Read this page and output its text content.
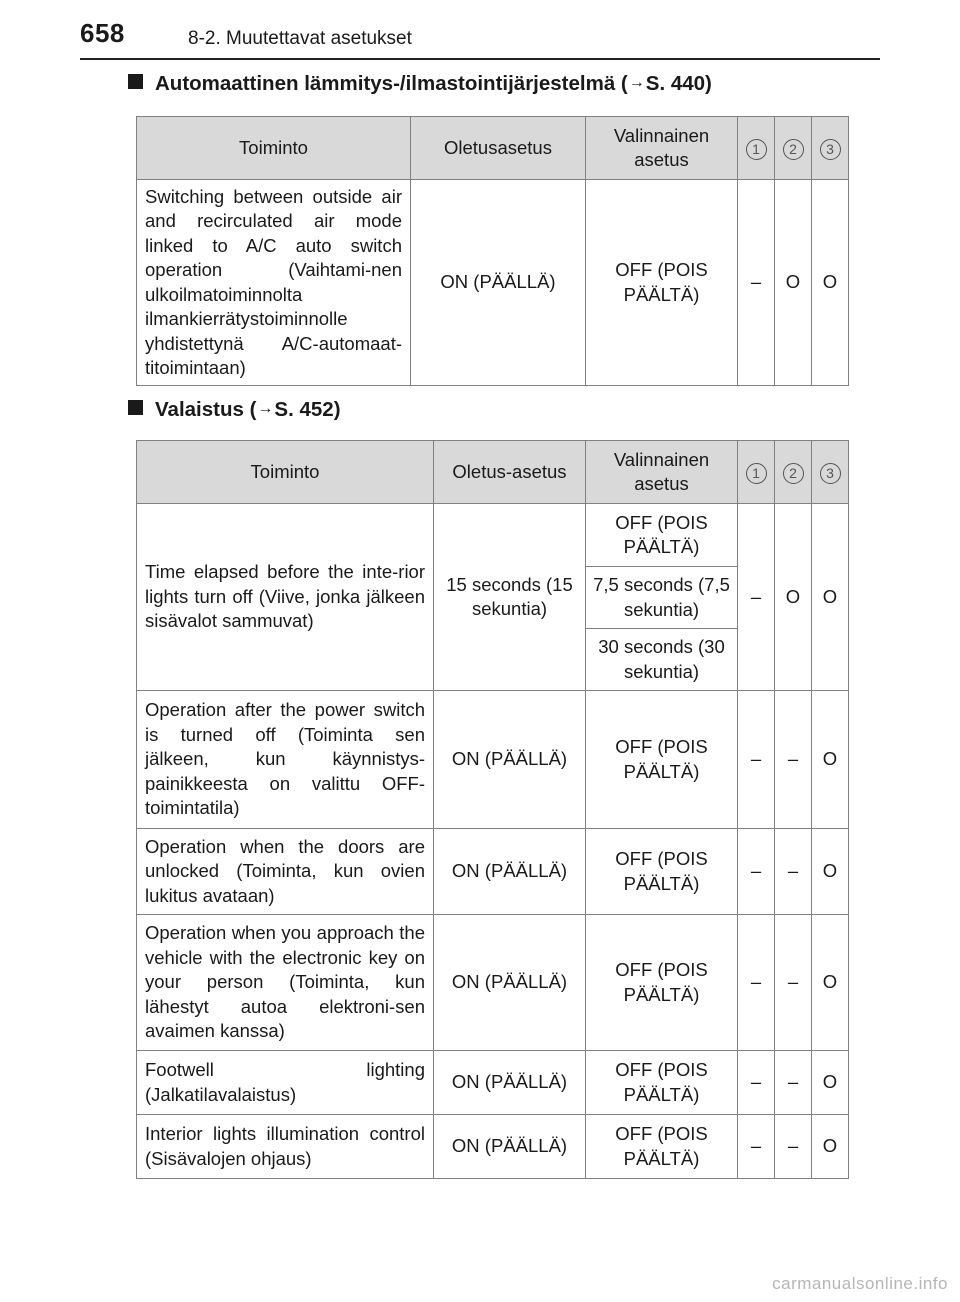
658	8-2. Muutettavat asetukset
Automaattinen lämmitys-/ilmastointijärjestelmä (→S. 440)
Toiminto	Oletusasetus	Valinnainen asetus	1	2	3
Switching between outside air and recirculated air mode linked to A/C auto switch operation (Vaihtami-nen ulkoilmatoiminnolta ilmankierrätystoiminnolle yhdistettynä A/C-automaat-titoimintaan)	ON (PÄÄLLÄ)	OFF (POIS PÄÄLTÄ)	–	O	O
Valaistus (→S. 452)
Toiminto	Oletus-asetus	Valinnainen asetus	1	2	3
Time elapsed before the inte-rior lights turn off (Viive, jonka jälkeen sisävalot sammuvat)	15 seconds (15 sekuntia)	OFF (POIS PÄÄLTÄ)	–	O	O
		7,5 seconds (7,5 sekuntia)			
		30 seconds (30 sekuntia)			
Operation after the power switch is turned off (Toiminta sen jälkeen, kun käynnistys-painikkeesta on valittu OFF-toimintatila)	ON (PÄÄLLÄ)	OFF (POIS PÄÄLTÄ)	–	–	O
Operation when the doors are unlocked (Toiminta, kun ovien lukitus avataan)	ON (PÄÄLLÄ)	OFF (POIS PÄÄLTÄ)	–	–	O
Operation when you approach the vehicle with the electronic key on your person (Toiminta, kun lähestyt autoa elektroni-sen avaimen kanssa)	ON (PÄÄLLÄ)	OFF (POIS PÄÄLTÄ)	–	–	O
Footwell lighting (Jalkatilavalaistus)	ON (PÄÄLLÄ)	OFF (POIS PÄÄLTÄ)	–	–	O
Interior lights illumination control (Sisävalojen ohjaus)	ON (PÄÄLLÄ)	OFF (POIS PÄÄLTÄ)	–	–	O
carmanualsonline.info
